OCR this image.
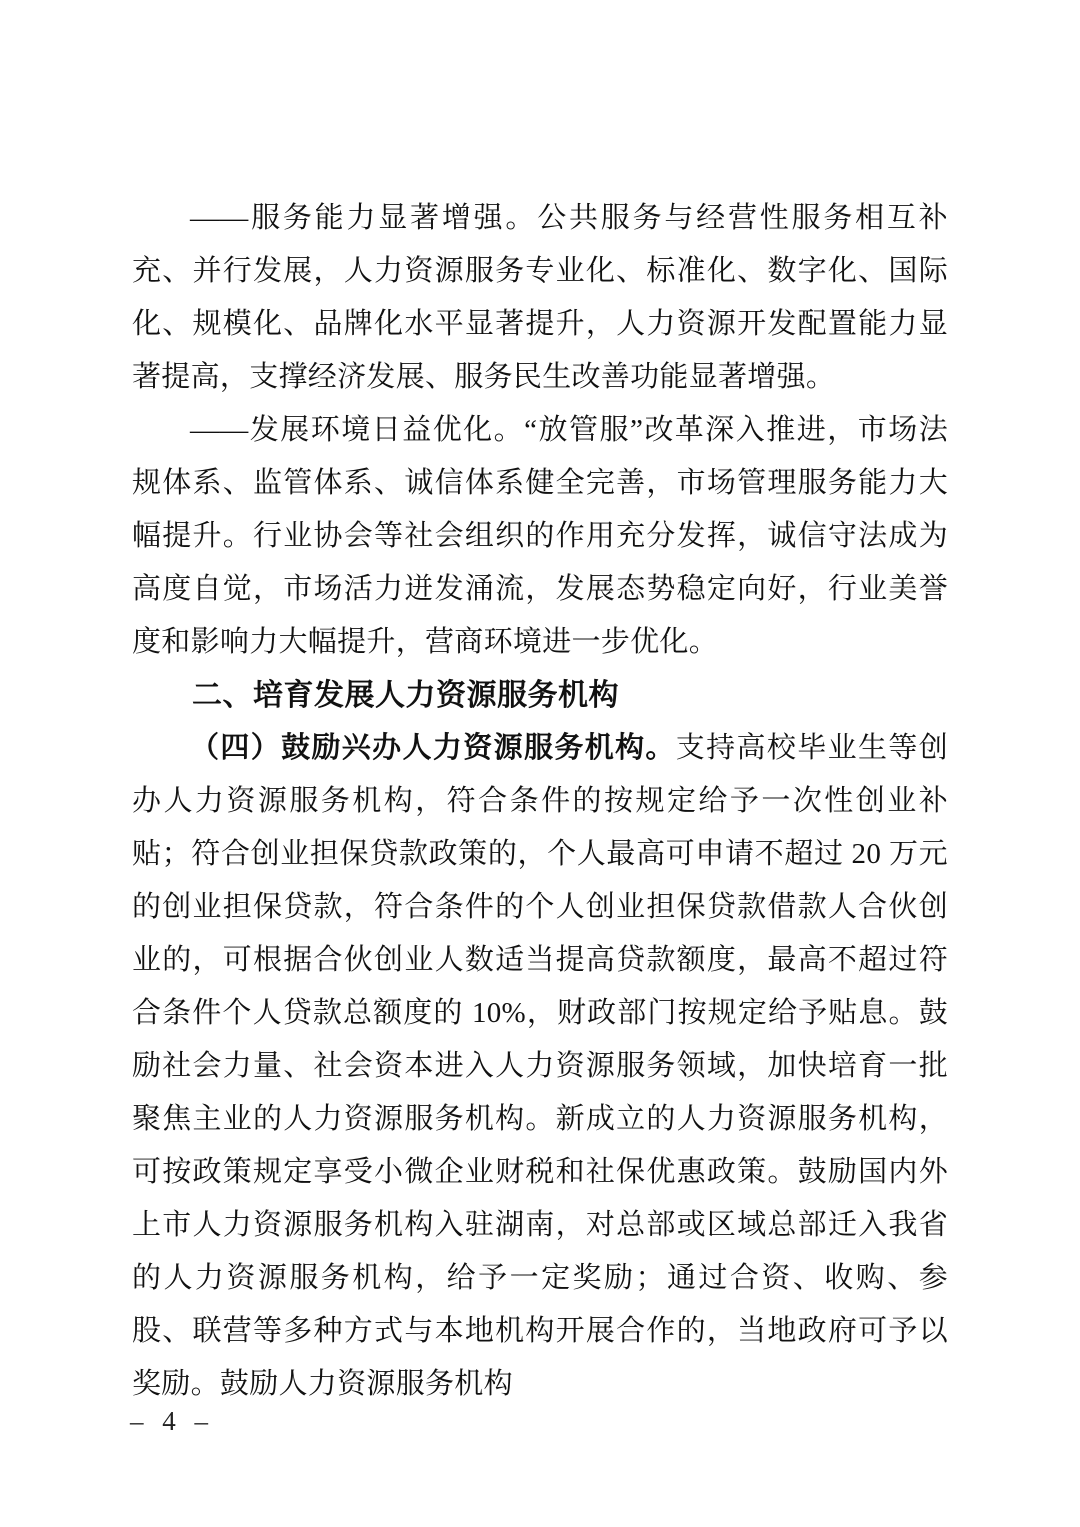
——服务能力显著增强。公共服务与经营性服务相互补充、并行发展，人力资源服务专业化、标准化、数字化、国际化、规模化、品牌化水平显著提升，人力资源开发配置能力显著提高，支撑经济发展、服务民生改善功能显著增强。

——发展环境日益优化。“放管服”改革深入推进，市场法规体系、监管体系、诚信体系健全完善，市场管理服务能力大幅提升。行业协会等社会组织的作用充分发挥，诚信守法成为高度自觉，市场活力迸发涌流，发展态势稳定向好，行业美誉度和影响力大幅提升，营商环境进一步优化。

二、培育发展人力资源服务机构

（四）鼓励兴办人力资源服务机构。支持高校毕业生等创办人力资源服务机构，符合条件的按规定给予一次性创业补贴；符合创业担保贷款政策的，个人最高可申请不超过 20 万元的创业担保贷款，符合条件的个人创业担保贷款借款人合伙创业的，可根据合伙创业人数适当提高贷款额度，最高不超过符合条件个人贷款总额度的 10%，财政部门按规定给予贴息。鼓励社会力量、社会资本进入人力资源服务领域，加快培育一批聚焦主业的人力资源服务机构。新成立的人力资源服务机构，可按政策规定享受小微企业财税和社保优惠政策。鼓励国内外上市人力资源服务机构入驻湖南，对总部或区域总部迁入我省的人力资源服务机构，给予一定奖励；通过合资、收购、参股、联营等多种方式与本地机构开展合作的，当地政府可予以奖励。鼓励人力资源服务机构

– 4 –
